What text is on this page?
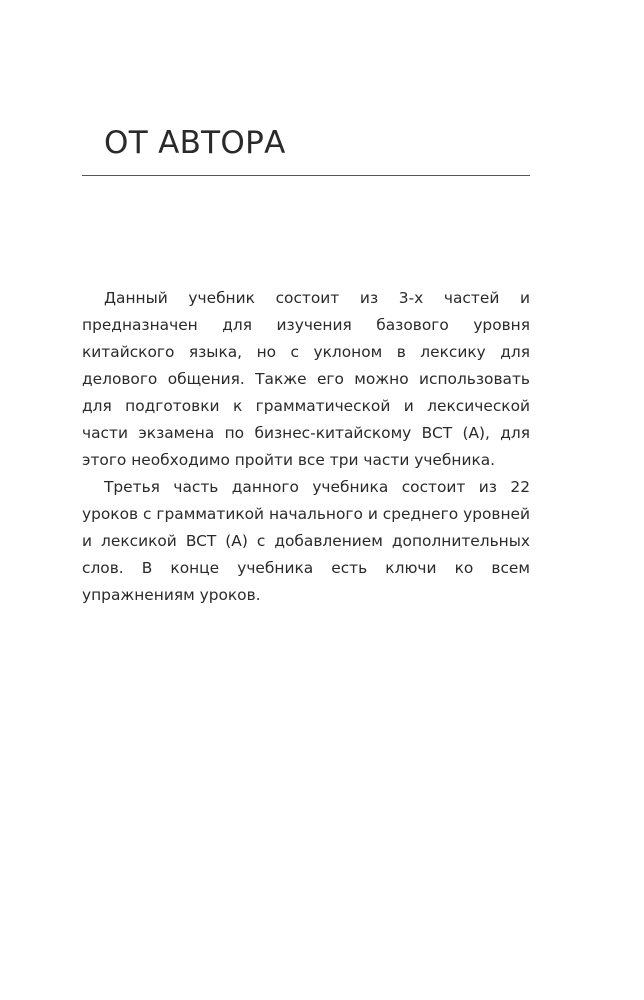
ОТ АВТОРА

Данный учебник состоит из 3-х частей и предназначен для изучения базового уровня китайского языка, но с уклоном в лексику для делового общения. Также его можно использовать для подготовки к грамматической и лексической части экзамена по бизнес-китайскому BCT (A), для этого необходимо пройти все три части учебника.

Третья часть данного учебника состоит из 22 уроков с грамматикой начального и среднего уровней и лексикой BCT (A) с добавлением дополнительных слов. В конце учебника есть ключи ко всем упражнениям уроков.
